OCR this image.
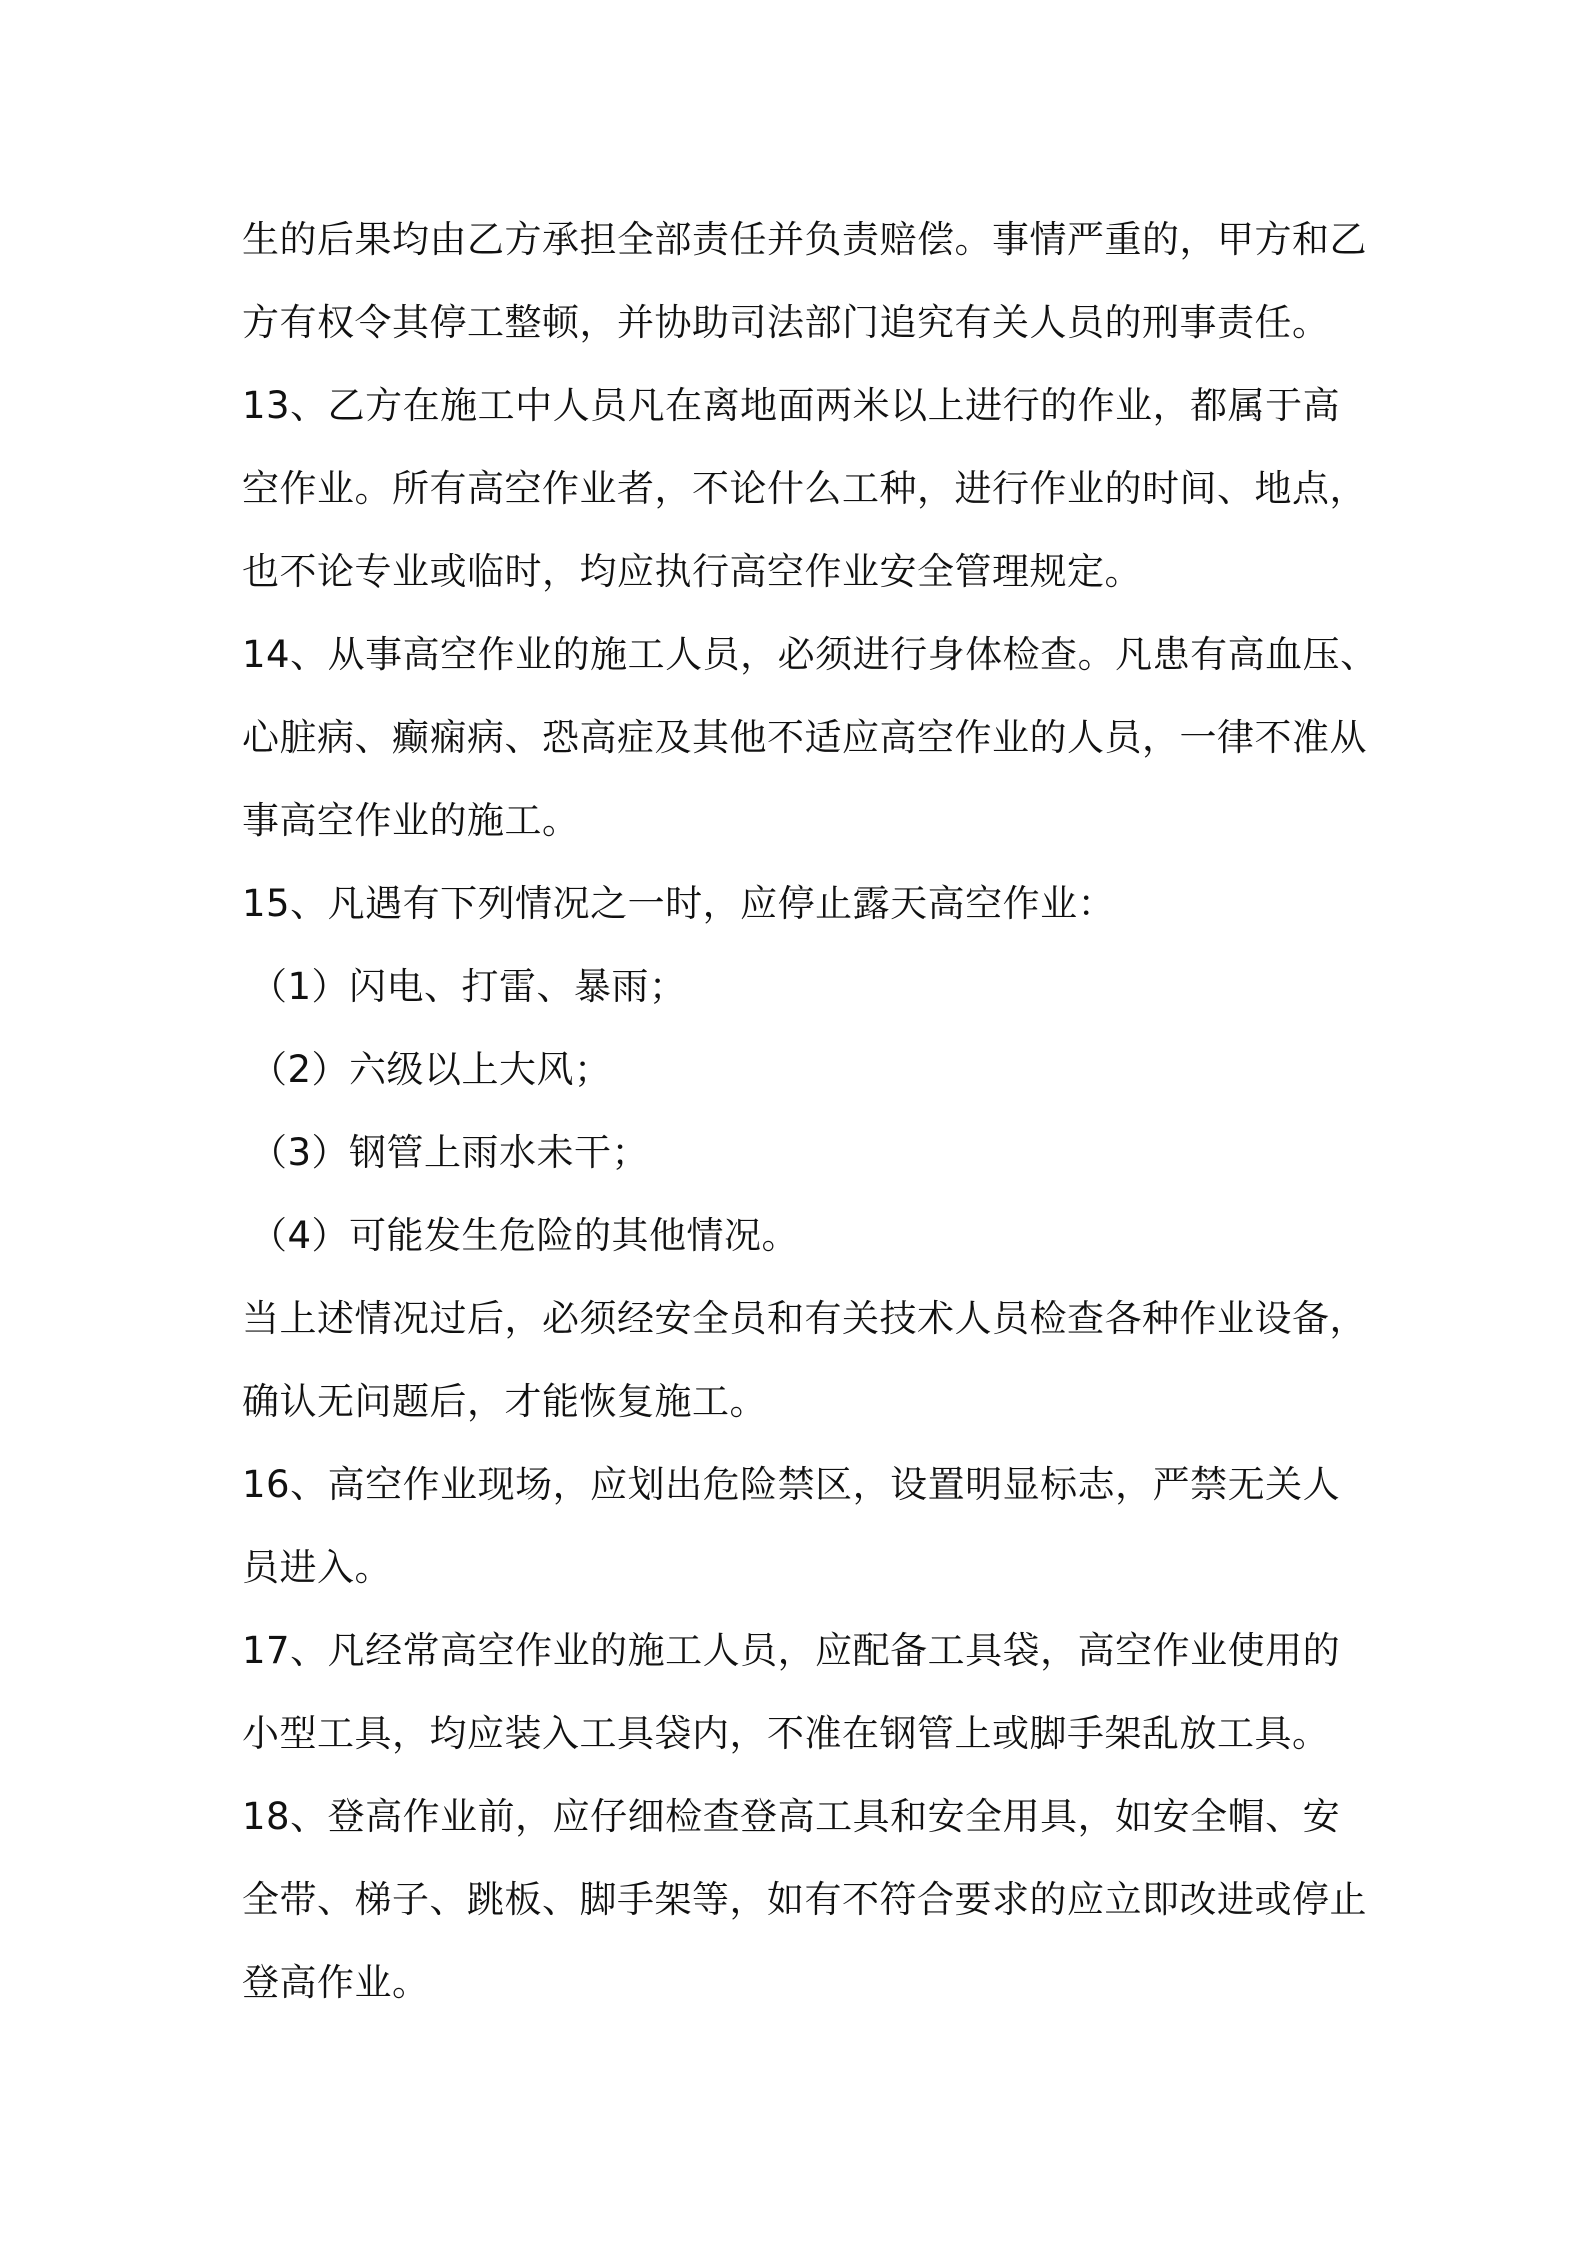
生的后果均由乙方承担全部责任并负责赔偿。事情严重的，甲方和乙
方有权令其停工整顿，并协助司法部门追究有关人员的刑事责任。
13、乙方在施工中人员凡在离地面两米以上进行的作业，都属于高
空作业。所有高空作业者，不论什么工种，进行作业的时间、地点，
也不论专业或临时，均应执行高空作业安全管理规定。
14、从事高空作业的施工人员，必须进行身体检查。凡患有高血压、
心脏病、癫痫病、恐高症及其他不适应高空作业的人员，一律不准从
事高空作业的施工。
15、凡遇有下列情况之一时，应停止露天高空作业：
（1）闪电、打雷、暴雨；
（2）六级以上大风；
（3）钢管上雨水未干；
（4）可能发生危险的其他情况。
当上述情况过后，必须经安全员和有关技术人员检查各种作业设备，
确认无问题后，才能恢复施工。
16、高空作业现场，应划出危险禁区，设置明显标志，严禁无关人
员进入。
17、凡经常高空作业的施工人员，应配备工具袋，高空作业使用的
小型工具，均应装入工具袋内，不准在钢管上或脚手架乱放工具。
18、登高作业前，应仔细检查登高工具和安全用具，如安全帽、安
全带、梯子、跳板、脚手架等，如有不符合要求的应立即改进或停止
登高作业。
